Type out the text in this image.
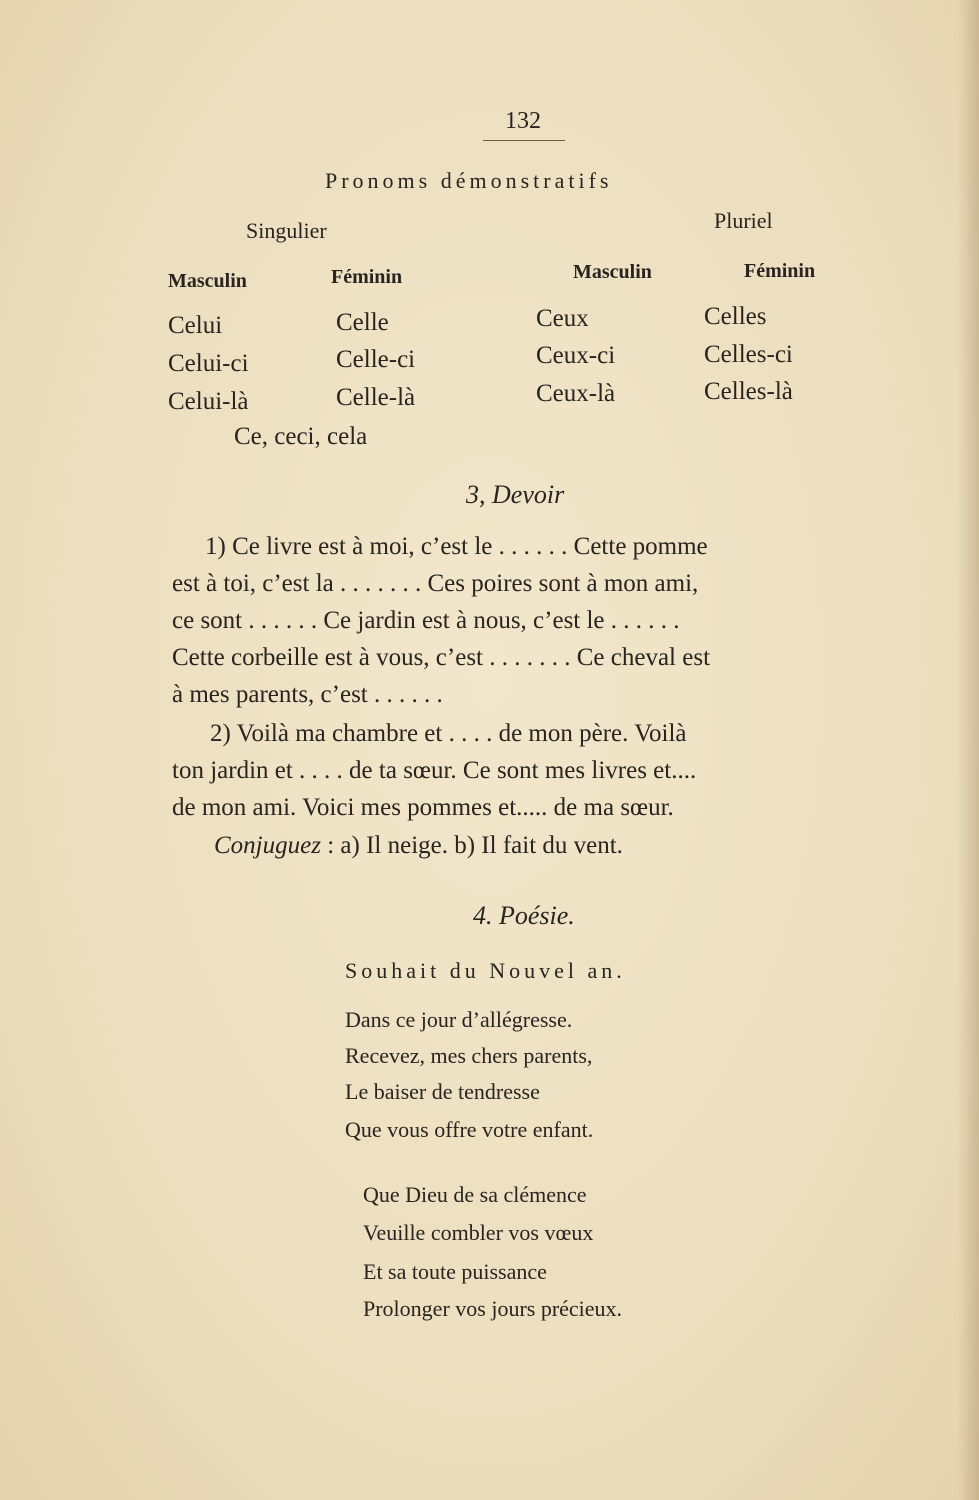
132
Pronoms démonstratifs
Singulier	Pluriel
Masculin	Féminin	Masculin	Féminin
Celui	Celle	Ceux	Celles
Celui-ci	Celle-ci	Ceux-ci	Celles-ci
Celui-là	Celle-là	Ceux-là	Celles-là
Ce, ceci, cela
3, Devoir
1) Ce livre est à moi, c’est le . . . . . . Cette pomme
est à toi, c’est la . . . . . . . Ces poires sont à mon ami,
ce sont . . . . . . Ce jardin est à nous, c’est le . . . . . .
Cette corbeille est à vous, c’est . . . . . . . Ce cheval est
à mes parents, c’est . . . . . .
2) Voilà ma chambre et . . . . de mon père. Voilà
ton jardin et . . . . de ta sœur. Ce sont mes livres et....
de mon ami. Voici mes pommes et..... de ma sœur.
Conjuguez : a) Il neige. b) Il fait du vent.
4. Poésie.
Souhait du Nouvel an.
Dans ce jour d’allégresse.
Recevez, mes chers parents,
Le baiser de tendresse
Que vous offre votre enfant.
Que Dieu de sa clémence
Veuille combler vos vœux
Et sa toute puissance
Prolonger vos jours précieux.
